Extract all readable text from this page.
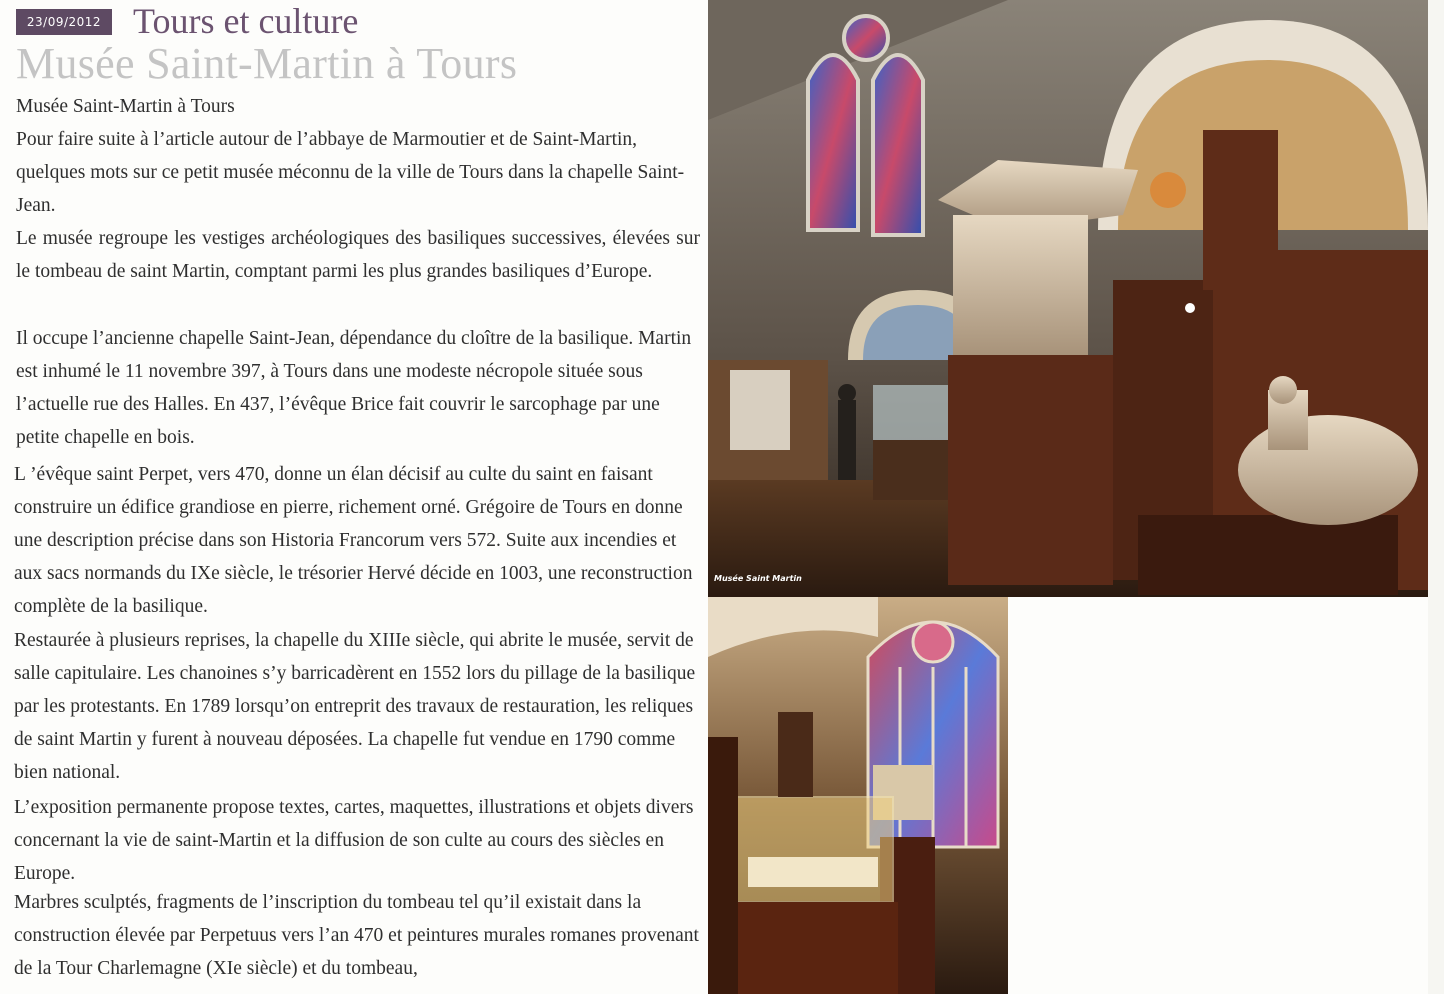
23/09/2012 Tours et culture
Musée Saint-Martin à Tours

Musée Saint-Martin à Tours

Pour faire suite à l’article autour de l’abbaye de Marmoutier et de Saint-Martin, quelques mots sur ce petit musée méconnu de la ville de Tours dans la chapelle Saint-Jean.

Le musée regroupe les vestiges archéologiques des basiliques successives, élevées sur le tombeau de saint Martin, comptant parmi les plus grandes basiliques d’Europe.

Il occupe l’ancienne chapelle Saint-Jean, dépendance du cloître de la basilique. Martin est inhumé le 11 novembre 397, à Tours dans une modeste nécropole située sous l’actuelle rue des Halles. En 437, l’évêque Brice fait couvrir le sarcophage par une petite chapelle en bois.

L ’évêque saint Perpet, vers 470, donne un élan décisif au culte du saint en faisant construire un édifice grandiose en pierre, richement orné. Grégoire de Tours en donne une description précise dans son Historia Francorum vers 572. Suite aux incendies et aux sacs normands du IXe siècle, le trésorier Hervé décide en 1003, une reconstruction complète de la basilique.

Restaurée à plusieurs reprises, la chapelle du XIIIe siècle, qui abrite le musée, servit de salle capitulaire. Les chanoines s’y barricadèrent en 1552 lors du pillage de la basilique par les protestants. En 1789 lorsqu’on entreprit des travaux de restauration, les reliques de saint Martin y furent à nouveau déposées. La chapelle fut vendue en 1790 comme bien national.

L’exposition permanente propose textes, cartes, maquettes, illustrations et objets divers concernant la vie de saint-Martin et la diffusion de son culte au cours des siècles en Europe.

Marbres sculptés, fragments de l’inscription du tombeau tel qu’il existait dans la construction élevée par Perpetuus vers l’an 470 et peintures murales romanes provenant de la Tour Charlemagne (XIe siècle) et du tombeau,

Musée Saint Martin
